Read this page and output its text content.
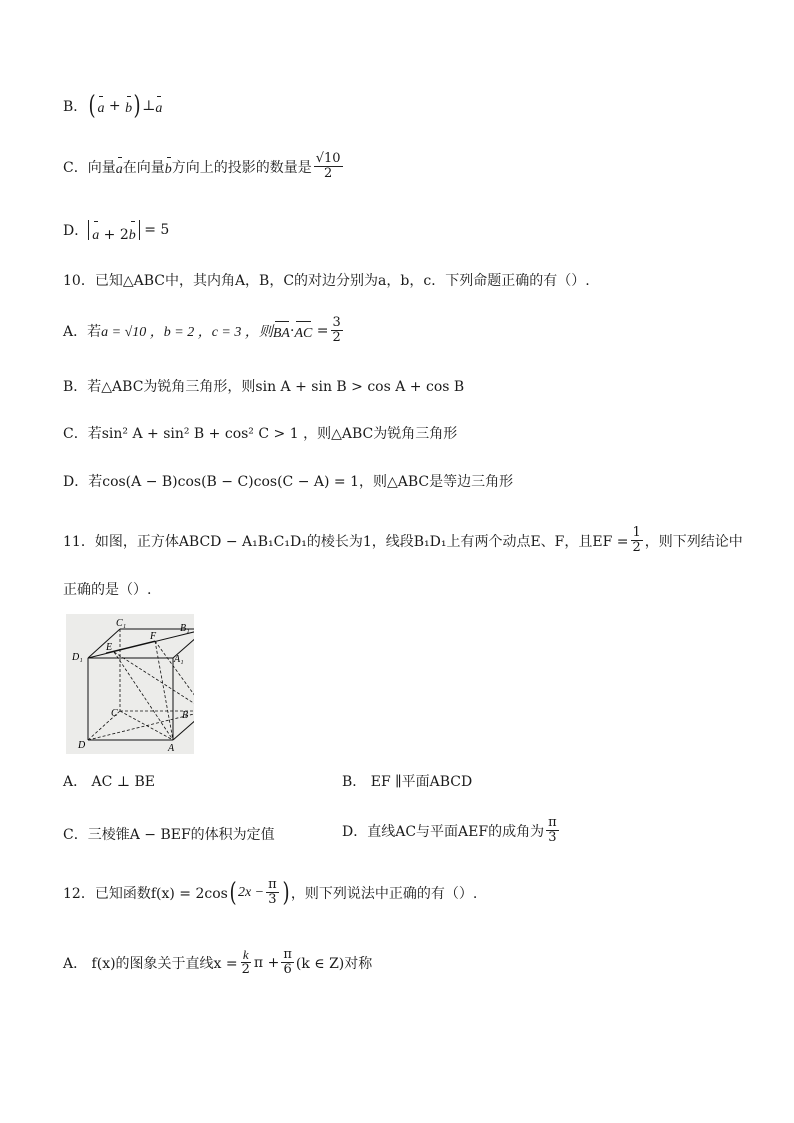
B． ( a + b ) ⊥ a
C． 向量 a 在向量 b 方向上的投影的数量是 $\frac{√10}{2}$
D． a + 2b
= 5
10．已知△ABC中，其内角A，B，C的对边分别为a，b，c．下列命题正确的有（）.
A．若 a = √10 ，b = 2 ，c = 3 ，则 BA · AC
= $\frac{3}{2}$
B．若△ABC为锐角三角形，则sin A + sin B > cos A + cos B
C．若sin² A + sin² B + cos² C > 1 ，则△ABC为锐角三角形
D．若cos(A − B)cos(B − C)cos(C − A) = 1，则△ABC是等边三角形
11．如图，正方体ABCD − A₁B₁C₁D₁的棱长为1，线段B₁D₁上有两个动点E、F，且EF = $\frac{1}{2}$ ，则下列结论中
正确的是（）.
C₁
F
B₁
D₁
E
A₁
C	B
D	A
A． AC ⊥ BE	B． EF ∥平面ABCD
C．三棱锥A − BEF的体积为定值	D．直线AC与平面AEF的成角为 $\frac{\pi}{3}$
12．已知函数f(x) = 2cos ( $2x - \frac{\pi}{3}$ ) ，则下列说法中正确的有（）.
A． f(x)的图象关于直线$x = \frac{k}{2}$ $\pi + \frac{\pi}{6} (k$ ∈ Z)对称
